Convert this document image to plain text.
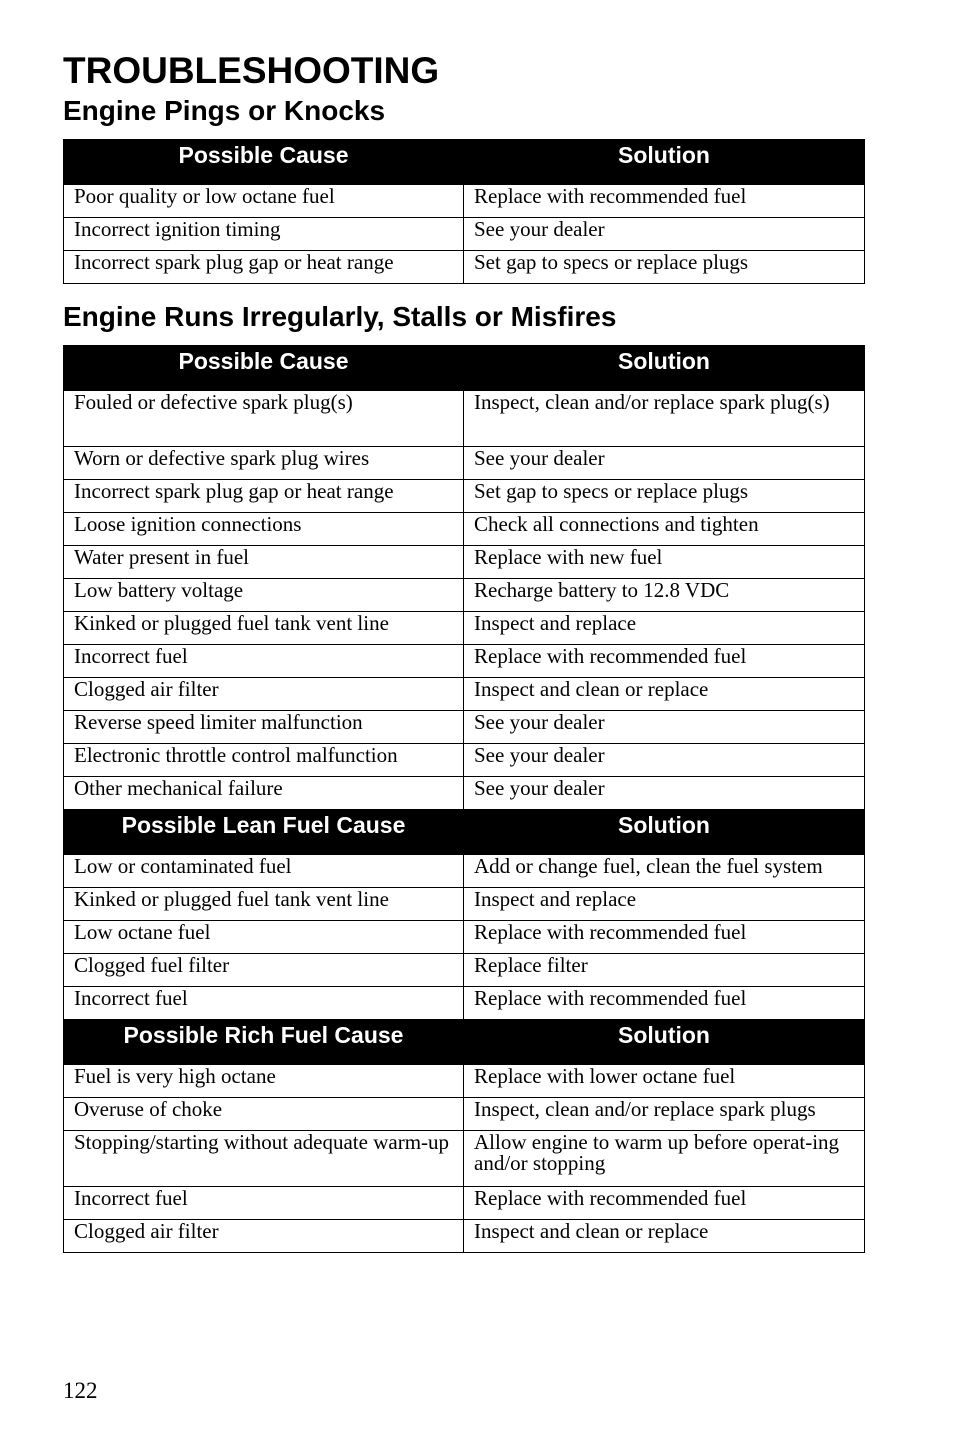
TROUBLESHOOTING
Engine Pings or Knocks
Possible Cause	Solution
Poor quality or low octane fuel	Replace with recommended fuel
Incorrect ignition timing	See your dealer
Incorrect spark plug gap or heat range	Set gap to specs or replace plugs
Engine Runs Irregularly, Stalls or Misfires
Possible Cause	Solution
Fouled or defective spark plug(s)	Inspect, clean and/or replace spark plug(s)
Worn or defective spark plug wires	See your dealer
Incorrect spark plug gap or heat range	Set gap to specs or replace plugs
Loose ignition connections	Check all connections and tighten
Water present in fuel	Replace with new fuel
Low battery voltage	Recharge battery to 12.8 VDC
Kinked or plugged fuel tank vent line	Inspect and replace
Incorrect fuel	Replace with recommended fuel
Clogged air filter	Inspect and clean or replace
Reverse speed limiter malfunction	See your dealer
Electronic throttle control malfunction	See your dealer
Other mechanical failure	See your dealer
Possible Lean Fuel Cause	Solution
Low or contaminated fuel	Add or change fuel, clean the fuel system
Kinked or plugged fuel tank vent line	Inspect and replace
Low octane fuel	Replace with recommended fuel
Clogged fuel filter	Replace filter
Incorrect fuel	Replace with recommended fuel
Possible Rich Fuel Cause	Solution
Fuel is very high octane	Replace with lower octane fuel
Overuse of choke	Inspect, clean and/or replace spark plugs
Stopping/starting without adequate warm-up	Allow engine to warm up before operat-ing and/or stopping
Incorrect fuel	Replace with recommended fuel
Clogged air filter	Inspect and clean or replace
122
